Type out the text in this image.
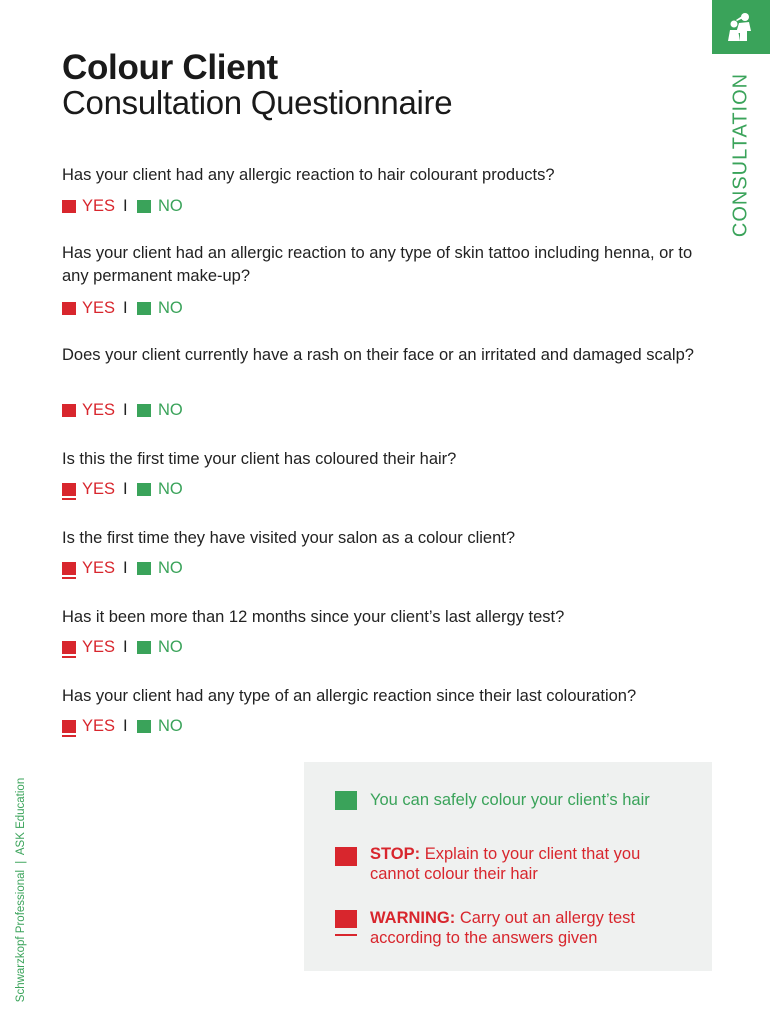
Colour Client
Consultation Questionnaire	CONSULTATION
Schwarzkopf Professional | ASK Education
Has your client had any allergic reaction to hair colourant products?
YES I NO
Has your client had an allergic reaction to any type of skin tattoo including henna, or to any permanent make-up?
YES I NO
Does your client currently have a rash on their face or an irritated and damaged scalp?
YES I NO
Is this the first time your client has coloured their hair?
YES I NO
Is the first time they have visited your salon as a colour client?
YES I NO
Has it been more than 12 months since your client’s last allergy test?
YES I NO
Has your client had any type of an allergic reaction since their last colouration?
YES I NO
You can safely colour your client’s hair
STOP: Explain to your client that you cannot colour their hair
WARNING: Carry out an allergy test according to the answers given
